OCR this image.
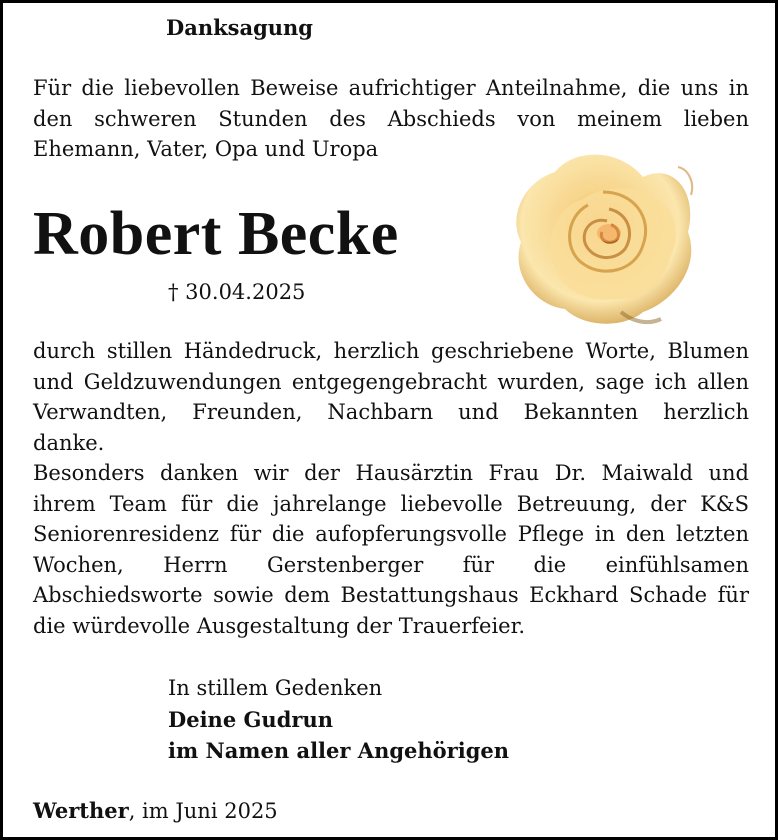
Danksagung
Für die liebevollen Beweise aufrichtiger Anteilnahme, die uns in
den schweren Stunden des Abschieds von meinem lieben
Ehemann, Vater, Opa und Uropa
Robert Becke
† 30.04.2025
durch stillen Händedruck, herzlich geschriebene Worte, Blumen
und Geldzuwendungen entgegengebracht wurden, sage ich allen
Verwandten, Freunden, Nachbarn und Bekannten herzlich
danke.
Besonders danken wir der Hausärztin Frau Dr. Maiwald und
ihrem Team für die jahrelange liebevolle Betreuung, der K&S
Seniorenresidenz für die aufopferungsvolle Pflege in den letzten
Wochen, Herrn Gerstenberger für die einfühlsamen
Abschiedsworte sowie dem Bestattungshaus Eckhard Schade für
die würdevolle Ausgestaltung der Trauerfeier.
In stillem Gedenken
Deine Gudrun
im Namen aller Angehörigen
Werther, im Juni 2025
